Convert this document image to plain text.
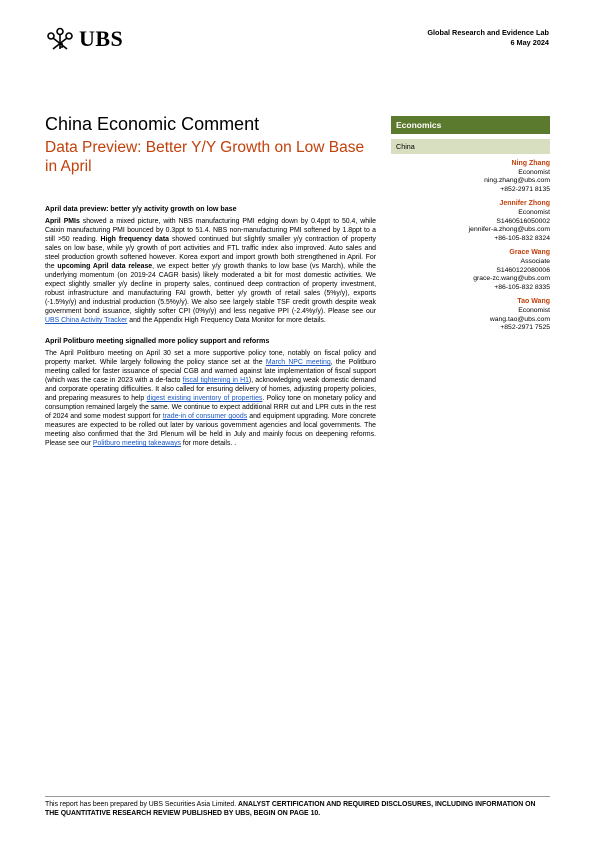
UBS	Global Research and Evidence Lab
6 May 2024
China Economic Comment
Data Preview: Better Y/Y Growth on Low Base in April
Economics
China
Ning Zhang
Economist
ning.zhang@ubs.com
+852-2971 8135
Jennifer Zhong
Economist
S1460516050002
jennifer-a.zhong@ubs.com
+86-105-832 8324
Grace Wang
Associate
S1460122080006
grace-zc.wang@ubs.com
+86-105-832 8335
Tao Wang
Economist
wang.tao@ubs.com
+852-2971 7525
April data preview: better y/y activity growth on low base

April PMIs showed a mixed picture, with NBS manufacturing PMI edging down by 0.4ppt to 50.4, while Caixin manufacturing PMI bounced by 0.3ppt to 51.4. NBS non-manufacturing PMI softened by 1.8ppt to a still >50 reading. High frequency data showed continued but slightly smaller y/y contraction of property sales on low base, while y/y growth of port activities and FTL traffic index also improved. Auto sales and steel production growth softened however. Korea export and import growth both strengthened in April. For the upcoming April data release, we expect better y/y growth thanks to low base (vs March), while the underlying momentum (on 2019-24 CAGR basis) likely moderated a bit for most domestic activities. We expect slightly smaller y/y decline in property sales, continued deep contraction of property investment, robust infrastructure and manufacturing FAI growth, better y/y growth of retail sales (5%y/y), exports (-1.5%y/y) and industrial production (5.5%y/y). We also see largely stable TSF credit growth despite weak government bond issuance, slightly softer CPI (0%y/y) and less negative PPI (-2.4%y/y). Please see our UBS China Activity Tracker and the Appendix High Frequency Data Monitor for more details.

April Politburo meeting signalled more policy support and reforms

The April Politburo meeting on April 30 set a more supportive policy tone, notably on fiscal policy and property market. While largely following the policy stance set at the March NPC meeting, the Politburo meeting called for faster issuance of special CGB and warned against late implementation of fiscal support (which was the case in 2023 with a de-facto fiscal tightening in H1), acknowledging weak domestic demand and corporate operating difficulties. It also called for ensuring delivery of homes, adjusting property policies, and preparing measures to help digest existing inventory of properties. Policy tone on monetary policy and consumption remained largely the same. We continue to expect additional RRR cut and LPR cuts in the rest of 2024 and some modest support for trade-in of consumer goods and equipment upgrading. More concrete measures are expected to be rolled out later by various government agencies and local governments. The meeting also confirmed that the 3rd Plenum will be held in July and mainly focus on deepening reforms. Please see our Politburo meeting takeaways for more details. .

This report has been prepared by UBS Securities Asia Limited. ANALYST CERTIFICATION AND REQUIRED DISCLOSURES, INCLUDING INFORMATION ON THE QUANTITATIVE RESEARCH REVIEW PUBLISHED BY UBS, BEGIN ON PAGE 10.
